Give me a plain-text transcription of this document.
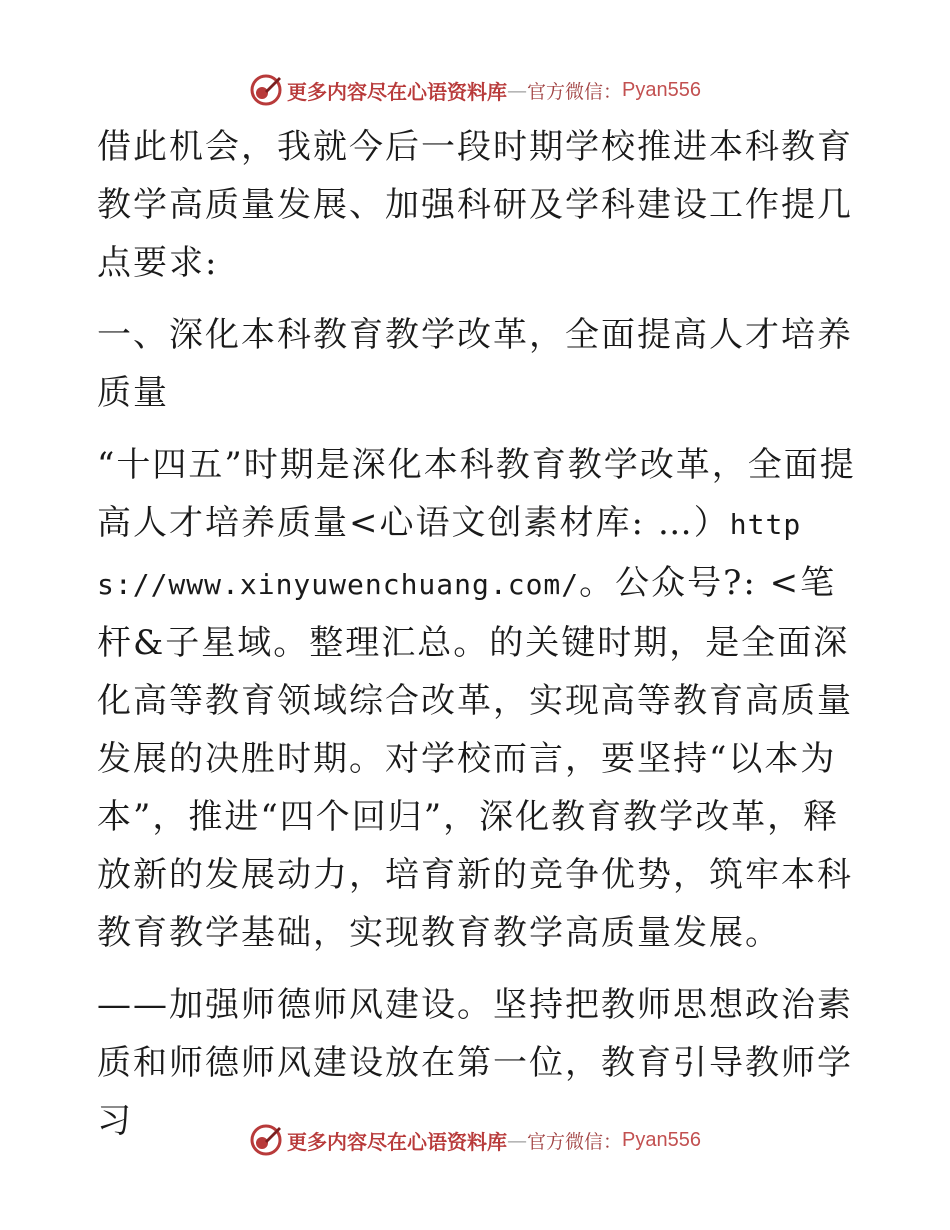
更多内容尽在心语资料库 — 官方微信： Pyan556

借此机会，我就今后一段时期学校推进本科教育教学高质量发展、加强科研及学科建设工作提几点要求:

一、深化本科教育教学改革，全面提高人才培养质量

“十四五”时期是深化本科教育教学改革，全面提高人才培养质量<心语文创素材库: …）https://www.xinyuwenchuang.com/。公众号?: <笔杆&子星域。整理汇总。的关键时期，是全面深化高等教育领域综合改革，实现高等教育高质量发展的决胜时期。对学校而言，要坚持“以本为本”，推进“四个回归”，深化教育教学改革，释放新的发展动力，培育新的竞争优势，筑牢本科教育教学基础，实现教育教学高质量发展。

——加强师德师风建设。坚持把教师思想政治素质和师德师风建设放在第一位，教育引导教师学习

更多内容尽在心语资料库 — 官方微信： Pyan556
